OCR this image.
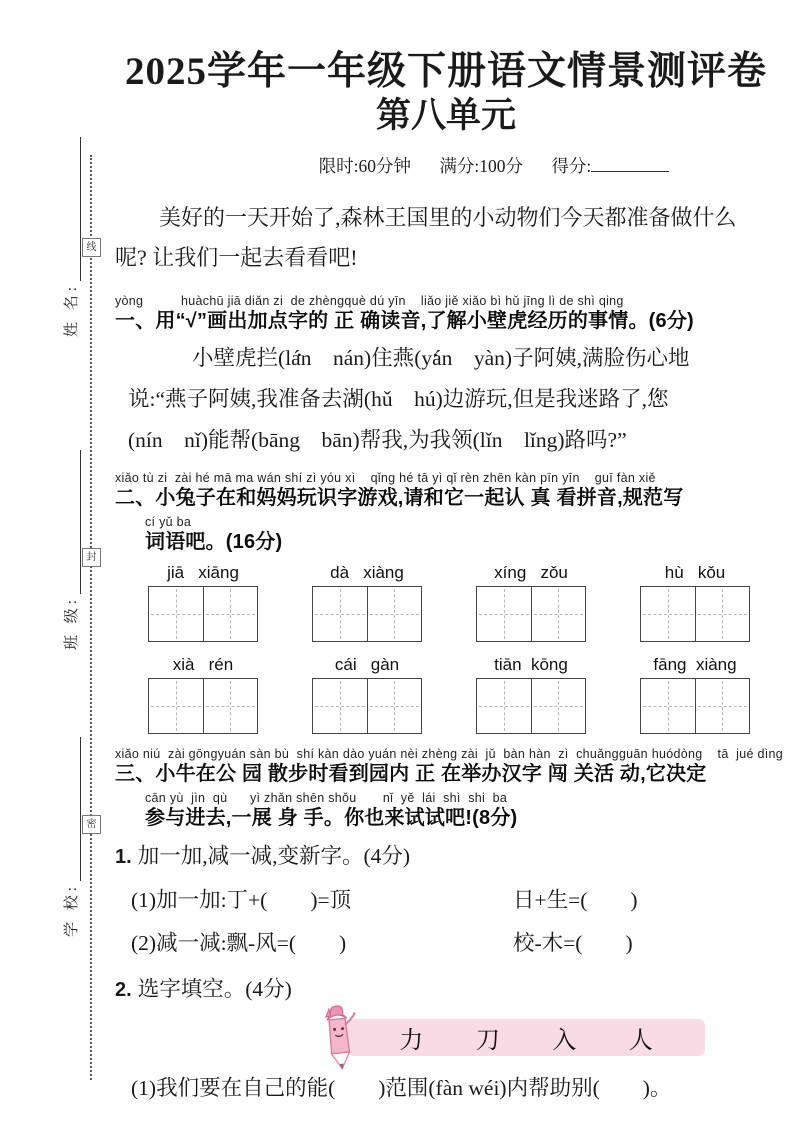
姓 名:
班 级:
学 校:
线
封
密
2025学年一年级下册语文情景测评卷
第八单元
限时:60分钟 满分:100分 得分:
美好的一天开始了,森林王国里的小动物们今天都准备做什么呢? 让我们一起去看看吧!
yòng          huàchū jiā diǎn zi  de zhèngquè dú yīn    liǎo jiě xiǎo bì hǔ jīng lì de shì qing
一、用“√”画出加点字的 正 确读音,了解小壁虎经历的事情。(6分)
小壁虎拦 •(lán　nán)住燕 •(yán　yàn)子阿姨,满脸伤心地
说:“燕子阿姨,我准备去湖 •(hǔ　hú)边游玩,但是我迷路了,您 •
(nín　nǐ)能帮 •(bāng　bān)帮我,为我领 •(lǐn　lǐng)路吗?”
xiǎo tù zi  zài hé mā ma wán shí zì yóu xì    qǐng hé tā yì qǐ rèn zhēn kàn pīn yīn    guī fàn xiě
二、小兔子在和妈妈玩识字游戏,请和它一起认 真 看拼音,规范写
cí yǔ ba
词语吧。(16分)
jiā   xiāng	dà   xiàng	xíng   zǒu	hù   kǒu
xià   rén	cái   gàn	tiān  kōng	fāng  xiàng
xiǎo niú  zài gōngyuán sàn bù  shí kàn dào yuán nèi zhèng zài  jǔ  bàn hàn  zì  chuǎngguān huódòng    tā  jué dìng
三、小牛在公 园 散步时看到园内 正 在举办汉字 闯 关活 动,它决定
cān yù  jìn  qù      yì zhǎn shēn shǒu       nǐ  yě  lái  shì  shi  ba
参与进去,一展 身 手。你也来试试吧!(8分)
1. 加一加,减一减,变新字。(4分)
(1)加一加:丁+(　　)=顶	日+生=(　　)
(2)减一减:飘-风=(　　)	校-木=(　　)
2. 选字填空。(4分)
力 刀 入 人
(1)我们要在自己的能(　　)范围(fàn wéi)内帮助别(　　)。
